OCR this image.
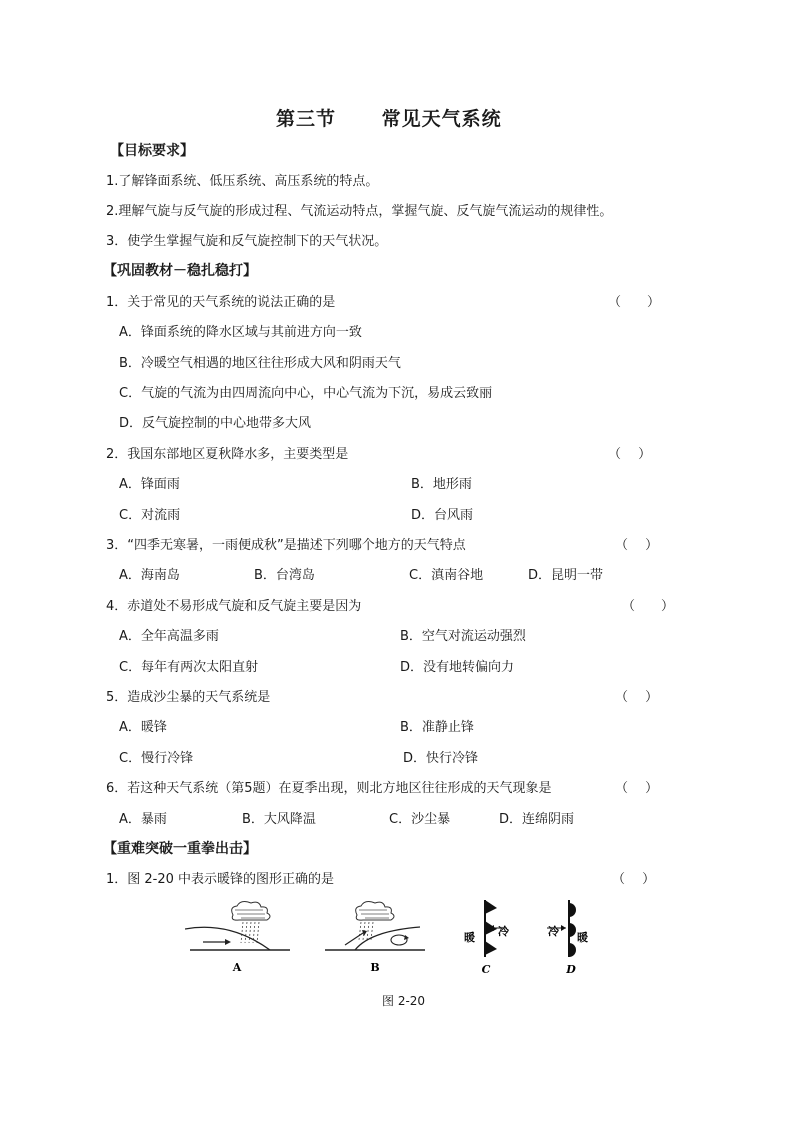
第三节 常见天气系统
【目标要求】
1.了解锋面系统、低压系统、高压系统的特点。
2.理解气旋与反气旋的形成过程、气流运动特点，掌握气旋、反气旋气流运动的规律性。
3．使学生掌握气旋和反气旋控制下的天气状况。
【巩固教材－稳扎稳打】
1．关于常见的天气系统的说法正确的是	（　　）
A．锋面系统的降水区域与其前进方向一致
B．冷暖空气相遇的地区往往形成大风和阴雨天气
C．气旋的气流为由四周流向中心，中心气流为下沉，易成云致丽
D．反气旋控制的中心地带多大风
2．我国东部地区夏秋降水多，主要类型是	（　 ）
A．锋面雨	B．地形雨
C．对流雨	D．台风雨
3．“四季无寒暑，一雨便成秋”是描述下列哪个地方的天气特点	（　 ）
A．海南岛	B．台湾岛	C．滇南谷地	D．昆明一带
4．赤道处不易形成气旋和反气旋主要是因为	（　　）
A．全年高温多雨	B．空气对流运动强烈
C．每年有两次太阳直射	D．没有地转偏向力
5．造成沙尘暴的天气系统是	（　 ）
A．暖锋	B．准静止锋
C．慢行冷锋	D．快行冷锋
6．若这种天气系统（第5题）在夏季出现，则北方地区往往形成的天气现象是	（　 ）
A．暴雨	B．大风降温	C．沙尘暴	D．连绵阴雨
【重难突破一重拳出击】
1．图 2-20 中表示暖锋的图形正确的是	（　 ）
A	B
暖 冷
C
冷 暖
D
图 2-20
